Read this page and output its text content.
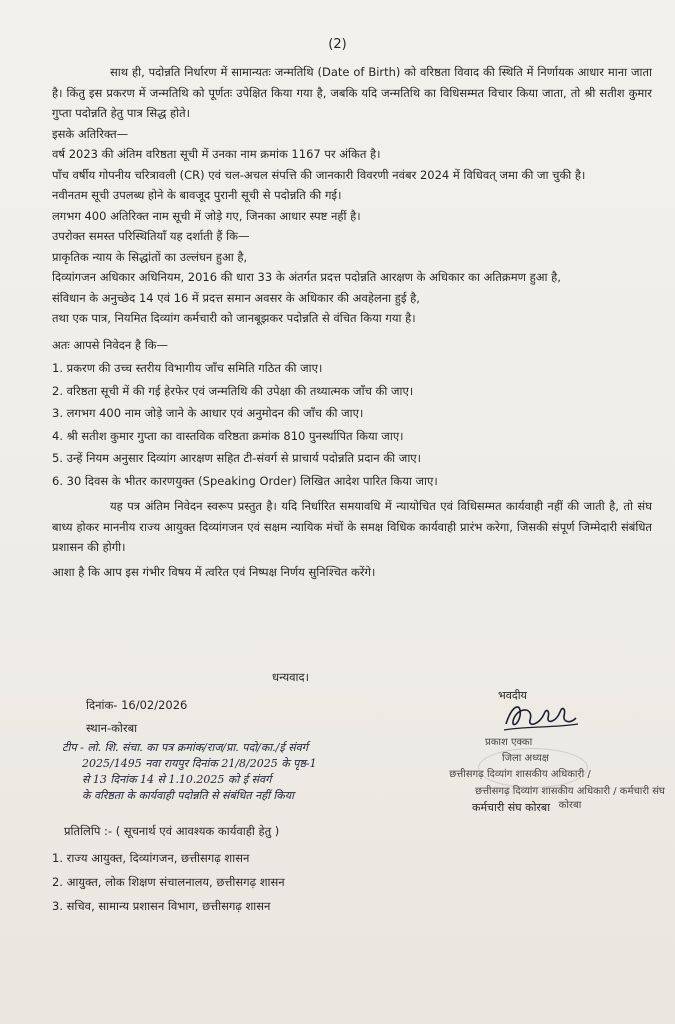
(2)

साथ ही, पदोन्नति निर्धारण में सामान्यतः जन्मतिथि (Date of Birth) को वरिष्ठता विवाद की स्थिति में निर्णायक आधार माना जाता है। किंतु इस प्रकरण में जन्मतिथि को पूर्णतः उपेक्षित किया गया है, जबकि यदि जन्मतिथि का विधिसम्मत विचार किया जाता, तो श्री सतीश कुमार गुप्ता पदोन्नति हेतु पात्र सिद्ध होते।

इसके अतिरिक्त—

वर्ष 2023 की अंतिम वरिष्ठता सूची में उनका नाम क्रमांक 1167 पर अंकित है।

पाँच वर्षीय गोपनीय चरित्रावली (CR) एवं चल-अचल संपत्ति की जानकारी विवरणी नवंबर 2024 में विधिवत् जमा की जा चुकी है।

नवीनतम सूची उपलब्ध होने के बावजूद पुरानी सूची से पदोन्नति की गई।

लगभग 400 अतिरिक्त नाम सूची में जोड़े गए, जिनका आधार स्पष्ट नहीं है।

उपरोक्त समस्त परिस्थितियाँ यह दर्शाती हैं कि—

प्राकृतिक न्याय के सिद्धांतों का उल्लंघन हुआ है,

दिव्यांगजन अधिकार अधिनियम, 2016 की धारा 33 के अंतर्गत प्रदत्त पदोन्नति आरक्षण के अधिकार का अतिक्रमण हुआ है,

संविधान के अनुच्छेद 14 एवं 16 में प्रदत्त समान अवसर के अधिकार की अवहेलना हुई है,

तथा एक पात्र, नियमित दिव्यांग कर्मचारी को जानबूझकर पदोन्नति से वंचित किया गया है।

अतः आपसे निवेदन है कि—

1. प्रकरण की उच्च स्तरीय विभागीय जाँच समिति गठित की जाए।
2. वरिष्ठता सूची में की गई हेरफेर एवं जन्मतिथि की उपेक्षा की तथ्यात्मक जाँच की जाए।
3. लगभग 400 नाम जोड़े जाने के आधार एवं अनुमोदन की जाँच की जाए।
4. श्री सतीश कुमार गुप्ता का वास्तविक वरिष्ठता क्रमांक 810 पुनर्स्थापित किया जाए।
5. उन्हें नियम अनुसार दिव्यांग आरक्षण सहित टी-संवर्ग से प्राचार्य पदोन्नति प्रदान की जाए।
6. 30 दिवस के भीतर कारणयुक्त (Speaking Order) लिखित आदेश पारित किया जाए।

यह पत्र अंतिम निवेदन स्वरूप प्रस्तुत है। यदि निर्धारित समयावधि में न्यायोचित एवं विधिसम्मत कार्यवाही नहीं की जाती है, तो संघ बाध्य होकर माननीय राज्य आयुक्त दिव्यांगजन एवं सक्षम न्यायिक मंचों के समक्ष विधिक कार्यवाही प्रारंभ करेगा, जिसकी संपूर्ण जिम्मेदारी संबंधित प्रशासन की होगी।

आशा है कि आप इस गंभीर विषय में त्वरित एवं निष्पक्ष निर्णय सुनिश्चित करेंगे।

धन्यवाद।
दिनांक- 16/02/2026
स्थान-कोरबा
भवदीय
प्रकाश एक्का
जिला अध्यक्ष
छत्तीसगढ़ दिव्यांग शासकीय अधिकारी /
छत्तीसगढ़ दिव्यांग शासकीय अधिकारी / कर्मचारी संघ कोरबा
कर्मचारी संघ कोरबा

टीप - लो. शि. संचा. का पत्र क्रमांक/राज/प्रा. पदो/का./ई संवर्ग

2025/1495 नवा रायपुर दिनांक 21/8/2025 के पृष्ठ-1

से 13 दिनांक 14 से 1.10.2025 को ई संवर्ग

के वरिष्ठता के कार्यवाही पदोन्नति से संबंधित नहीं किया

प्रतिलिपि :- ( सूचनार्थ एवं आवश्यक कार्यवाही हेतु )

1. राज्य आयुक्त, दिव्यांगजन, छत्तीसगढ़ शासन

2. आयुक्त, लोक शिक्षण संचालनालय, छत्तीसगढ़ शासन

3. सचिव, सामान्य प्रशासन विभाग, छत्तीसगढ़ शासन
